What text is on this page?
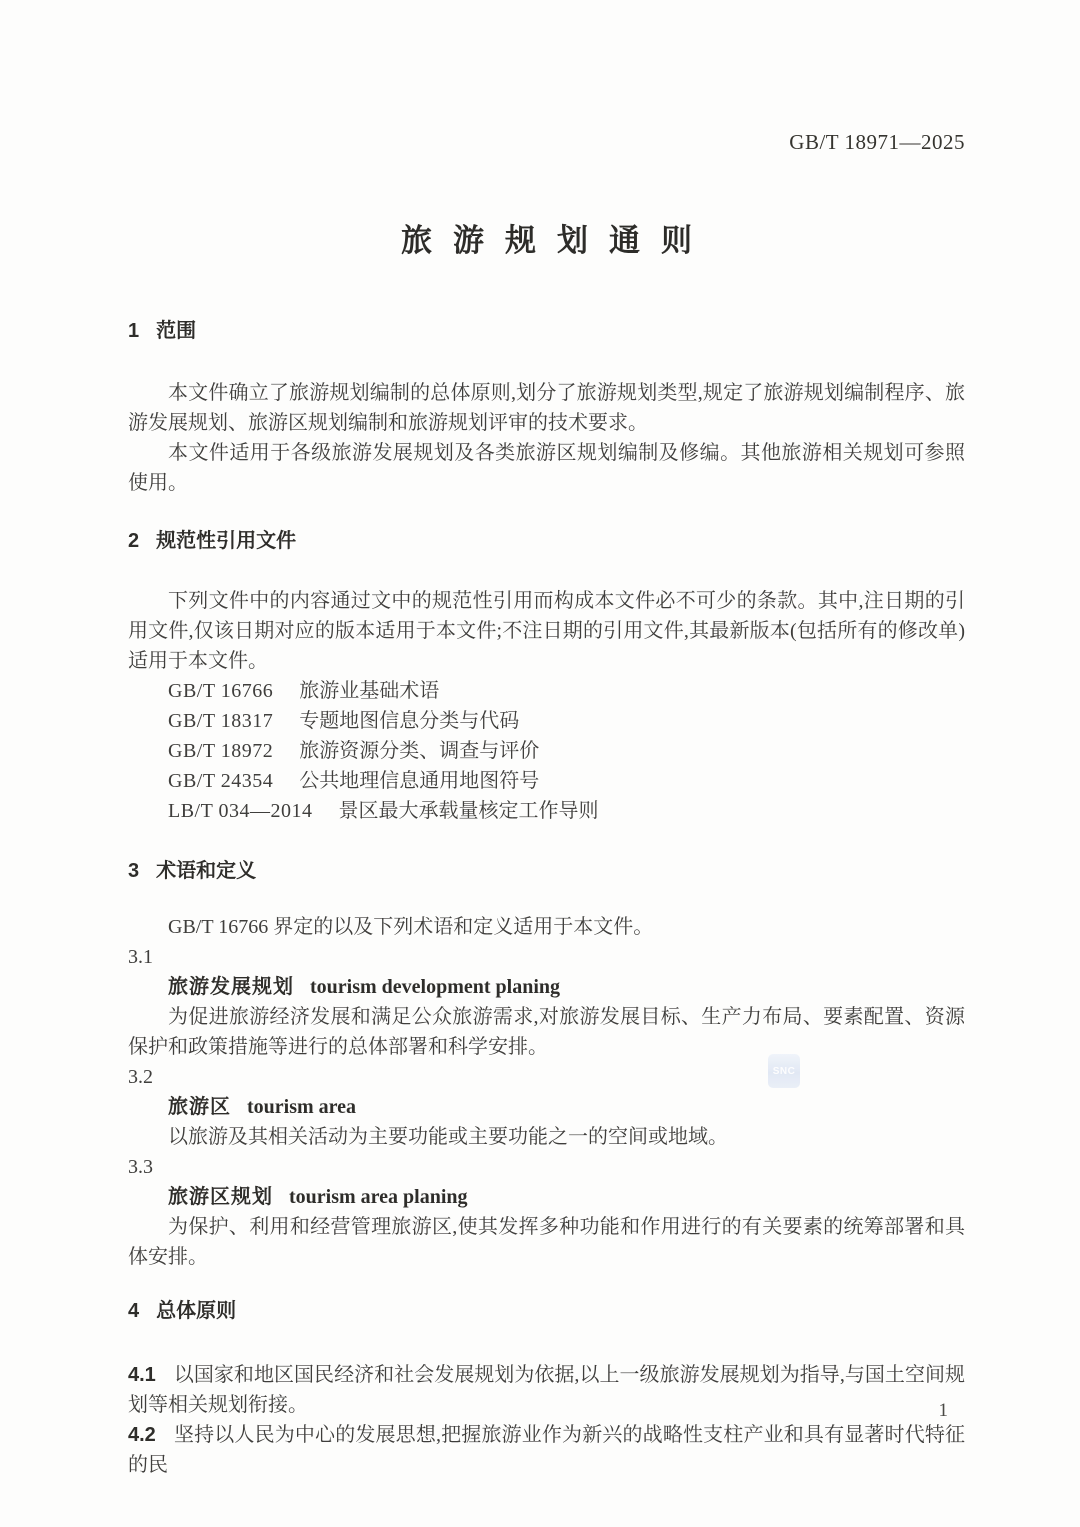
GB/T 18971—2025
旅游规划通则
1 范围

本文件确立了旅游规划编制的总体原则,划分了旅游规划类型,规定了旅游规划编制程序、旅游发展规划、旅游区规划编制和旅游规划评审的技术要求。

本文件适用于各级旅游发展规划及各类旅游区规划编制及修编。其他旅游相关规划可参照使用。

2 规范性引用文件

下列文件中的内容通过文中的规范性引用而构成本文件必不可少的条款。其中,注日期的引用文件,仅该日期对应的版本适用于本文件;不注日期的引用文件,其最新版本(包括所有的修改单)适用于本文件。

GB/T 16766 旅游业基础术语
GB/T 18317 专题地图信息分类与代码
GB/T 18972 旅游资源分类、调查与评价
GB/T 24354 公共地理信息通用地图符号
LB/T 034—2014 景区最大承载量核定工作导则
3 术语和定义

GB/T 16766 界定的以及下列术语和定义适用于本文件。

3.1
旅游发展规划 tourism development planing

为促进旅游经济发展和满足公众旅游需求,对旅游发展目标、生产力布局、要素配置、资源保护和政策措施等进行的总体部署和科学安排。

3.2
旅游区 tourism area

以旅游及其相关活动为主要功能或主要功能之一的空间或地域。

3.3
旅游区规划 tourism area planing

为保护、利用和经营管理旅游区,使其发挥多种功能和作用进行的有关要素的统筹部署和具体安排。

4 总体原则

4.1 以国家和地区国民经济和社会发展规划为依据,以上一级旅游发展规划为指导,与国土空间规划等相关规划衔接。

4.2 坚持以人民为中心的发展思想,把握旅游业作为新兴的战略性支柱产业和具有显著时代特征的民

1
SNC
